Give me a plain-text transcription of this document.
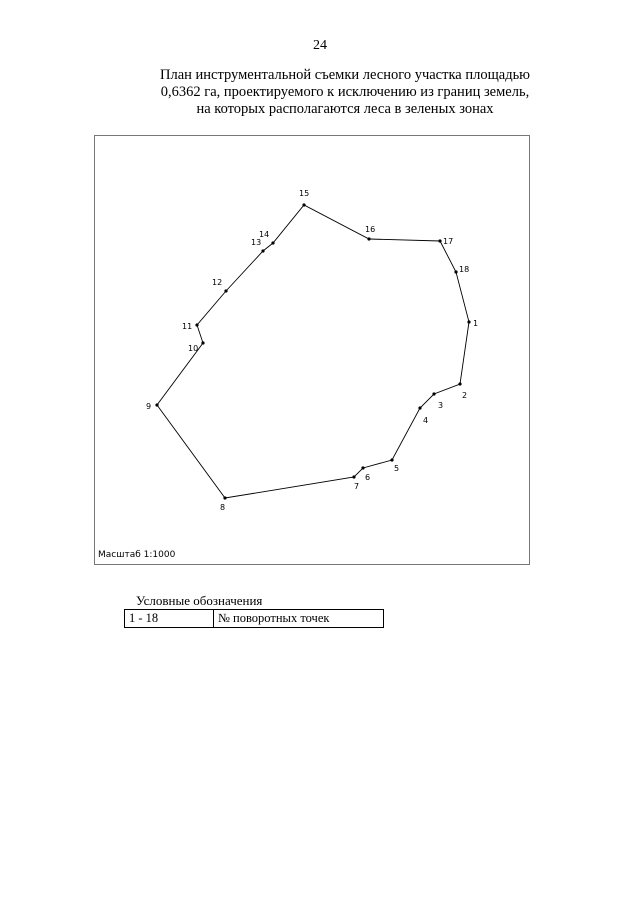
24
План инструментальной съемки лесного участка площадью
0,6362 га, проектируемого к исключению из границ земель,
на которых располагаются леса в зеленых зонах
1
2
3
4
5
6
7
8
9
10
11
12
13
14
15
16
17
18
Масштаб 1:1000
Условные обозначения
1 - 18	№ поворотных точек
